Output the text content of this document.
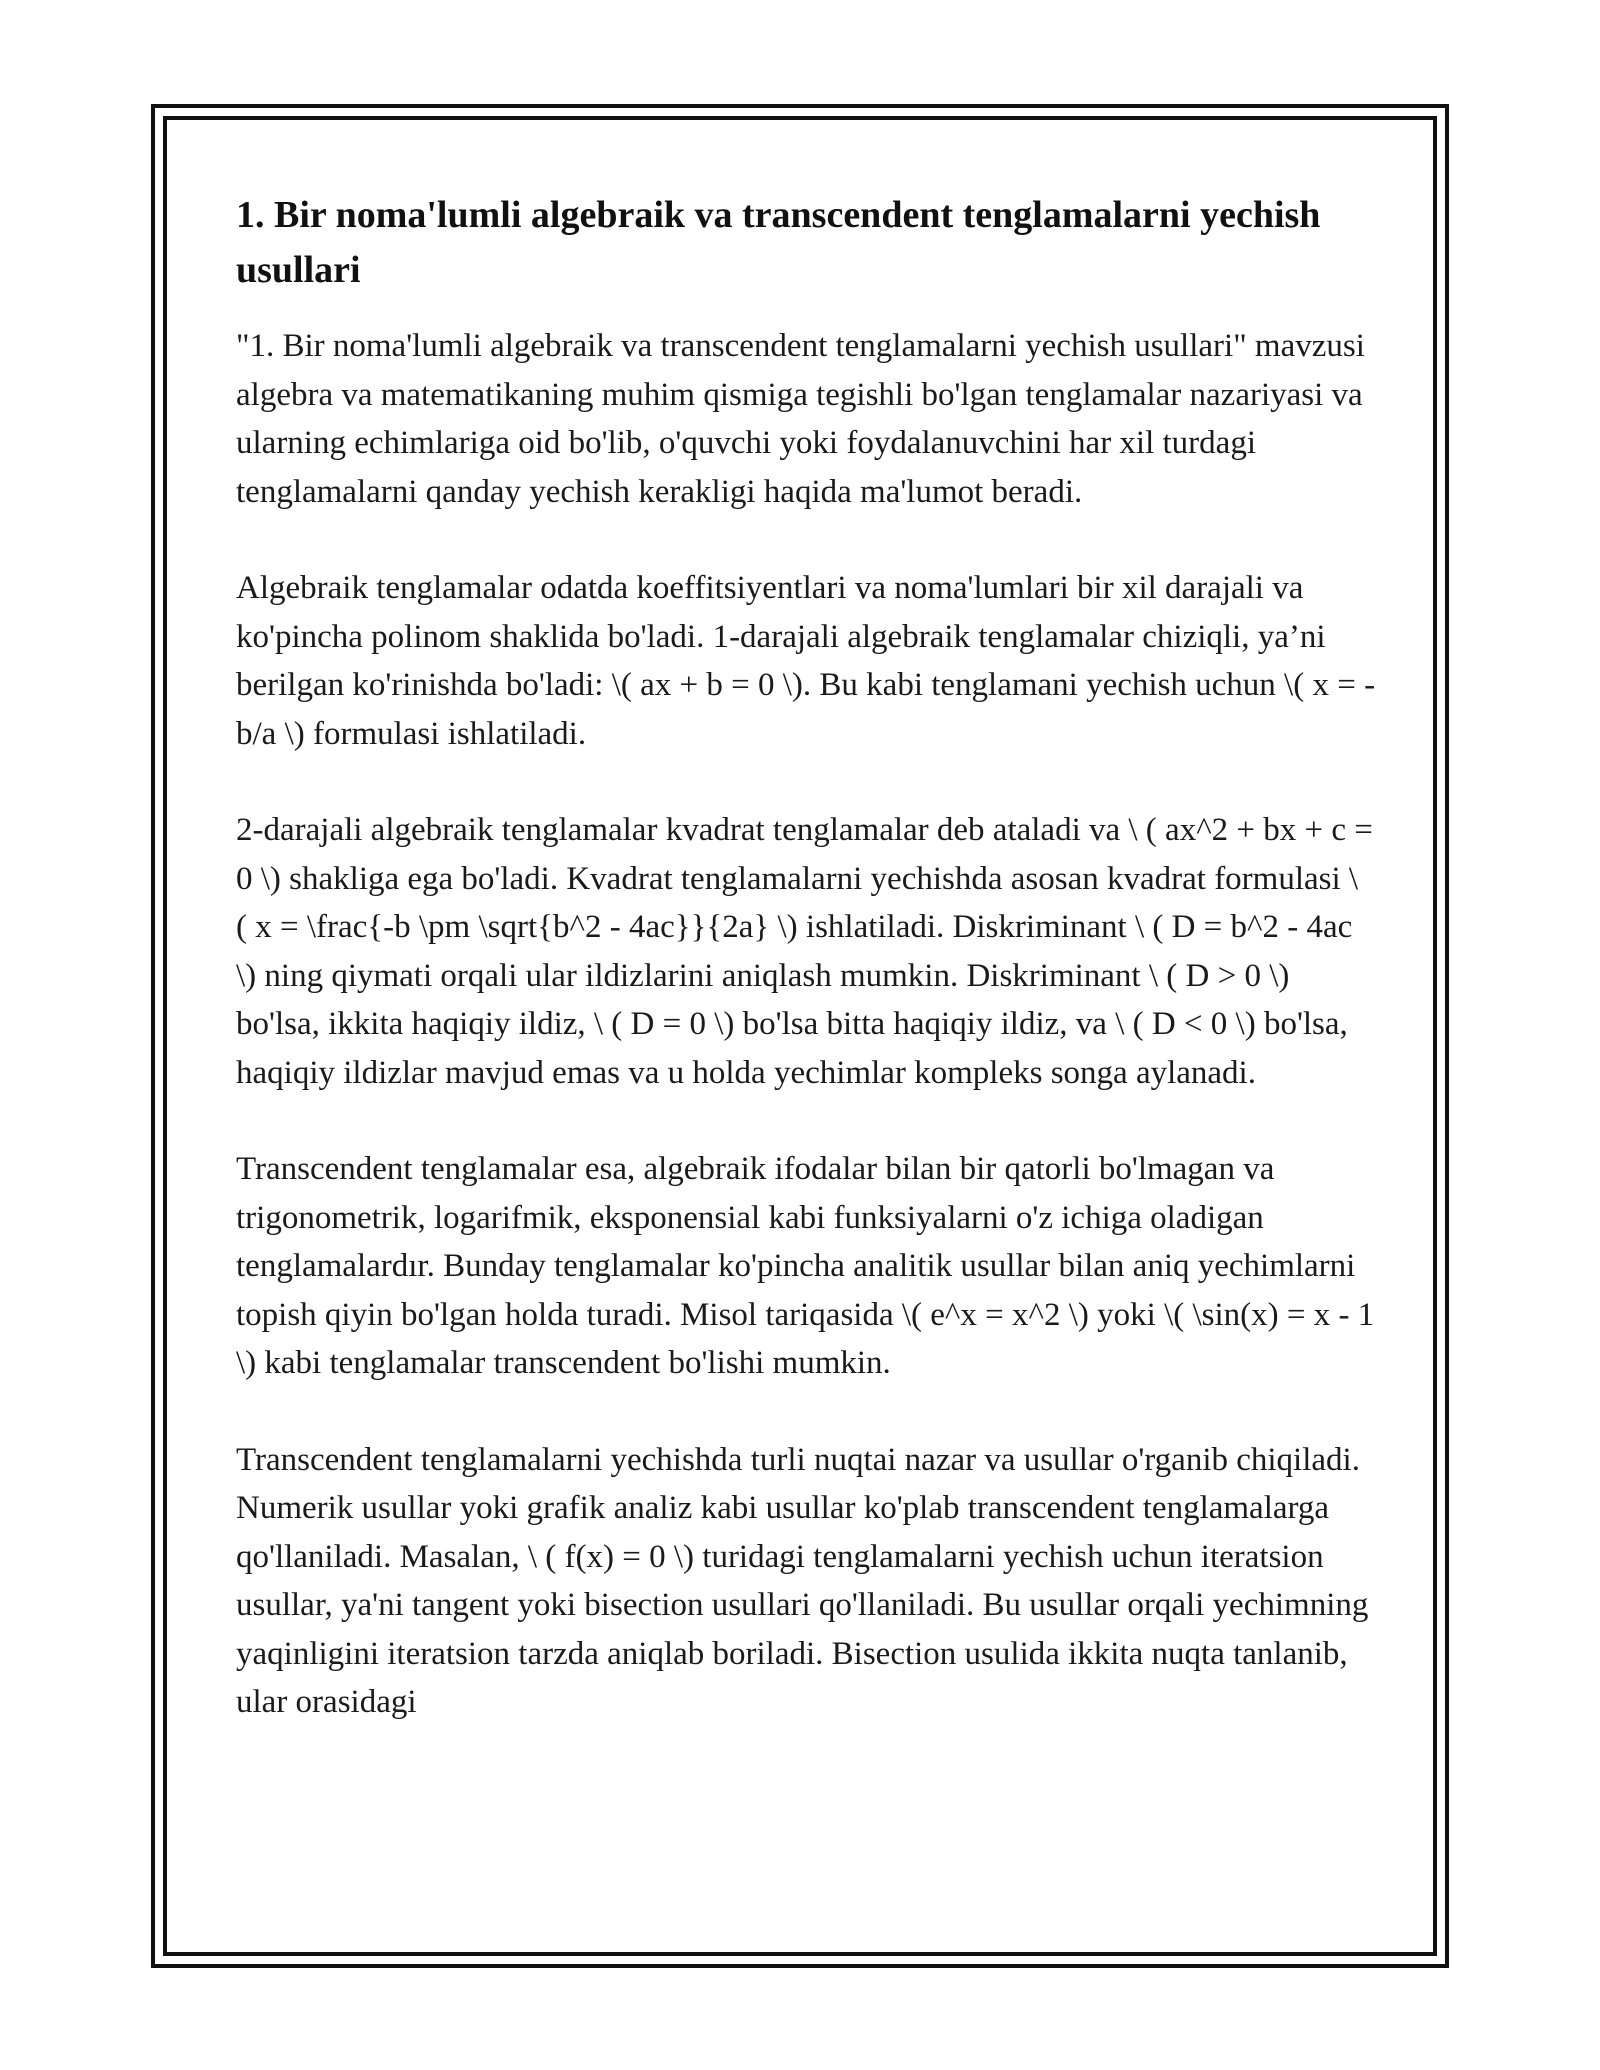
1. Bir noma'lumli algebraik va transcendent tenglamalarni yechish usullari

"1. Bir noma'lumli algebraik va transcendent tenglamalarni yechish usullari" mavzusi algebra va matematikaning muhim qismiga tegishli bo'lgan tenglamalar nazariyasi va ularning echimlariga oid bo'lib, o'quvchi yoki foydalanuvchini har xil turdagi tenglamalarni qanday yechish kerakligi haqida ma'lumot beradi.

Algebraik tenglamalar odatda koeffitsiyentlari va noma'lumlari bir xil darajali va ko'pincha polinom shaklida bo'ladi. 1-darajali algebraik tenglamalar chiziqli, ya’ni berilgan ko'rinishda bo'ladi: \( ax + b = 0 \). Bu kabi tenglamani yechish uchun \( x = -b/a \) formulasi ishlatiladi.

2-darajali algebraik tenglamalar kvadrat tenglamalar deb ataladi va \ ( ax^2 + bx + c = 0 \) shakliga ega bo'ladi. Kvadrat tenglamalarni yechishda asosan kvadrat formulasi \ ( x = \frac{-b \pm \sqrt{b^2 - 4ac}}{2a} \) ishlatiladi. Diskriminant \ ( D = b^2 - 4ac \) ning qiymati orqali ular ildizlarini aniqlash mumkin. Diskriminant \ ( D > 0 \) bo'lsa, ikkita haqiqiy ildiz, \ ( D = 0 \) bo'lsa bitta haqiqiy ildiz, va \ ( D < 0 \) bo'lsa, haqiqiy ildizlar mavjud emas va u holda yechimlar kompleks songa aylanadi.

Transcendent tenglamalar esa, algebraik ifodalar bilan bir qatorli bo'lmagan va trigonometrik, logarifmik, eksponensial kabi funksiyalarni o'z ichiga oladigan tenglamalardır. Bunday tenglamalar ko'pincha analitik usullar bilan aniq yechimlarni topish qiyin bo'lgan holda turadi. Misol tariqasida \( e^x = x^2 \) yoki \( \sin(x) = x - 1 \) kabi tenglamalar transcendent bo'lishi mumkin.

Transcendent tenglamalarni yechishda turli nuqtai nazar va usullar o'rganib chiqiladi. Numerik usullar yoki grafik analiz kabi usullar ko'plab transcendent tenglamalarga qo'llaniladi. Masalan, \ ( f(x) = 0 \) turidagi tenglamalarni yechish uchun iteratsion usullar, ya'ni tangent yoki bisection usullari qo'llaniladi. Bu usullar orqali yechimning yaqinligini iteratsion tarzda aniqlab boriladi. Bisection usulida ikkita nuqta tanlanib, ular orasidagi
